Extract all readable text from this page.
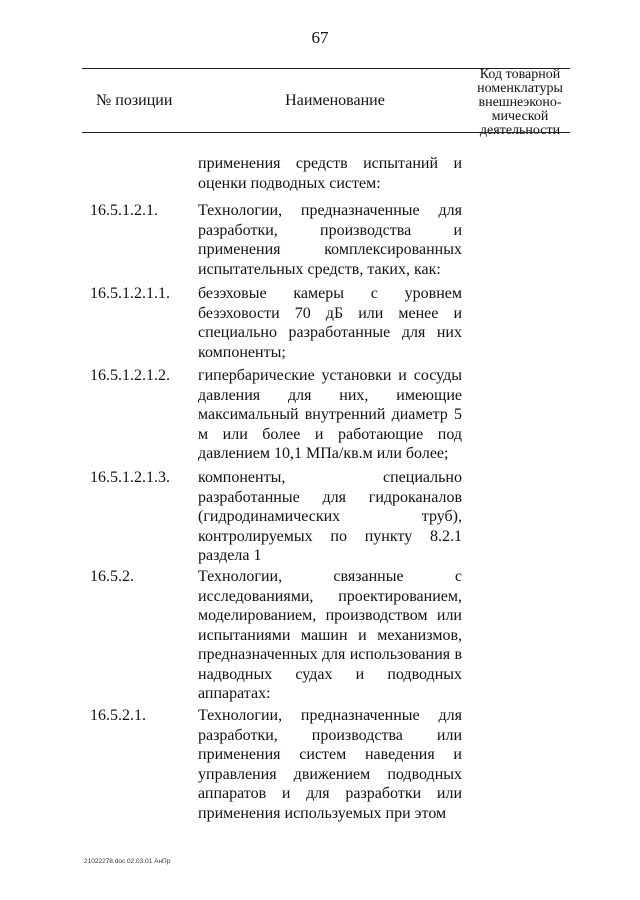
67
№ позиции	Наименование
Код товарной
номенклатуры
внешнеэконо-
мической
деятельности
применения средств испытаний и оценки подводных систем:
16.5.1.2.1.	Технологии, предназначенные для разработки, производства и применения комплексированных испытательных средств, таких, как:
16.5.1.2.1.1. безэховые камеры с уровнем безэховости 70 дБ или менее и специально разработанные для них компоненты;
16.5.1.2.1.2. гипербарические установки и сосуды давления для них, имеющие максимальный внутренний диаметр 5 м или более и работающие под давлением 10,1 МПа/кв.м или более;
16.5.1.2.1.3. компоненты, специально разработанные для гидроканалов (гидродинамических труб), контролируемых по пункту 8.2.1 раздела 1
16.5.2.	Технологии, связанные с исследованиями, проектированием, моделированием, производством или испытаниями машин и механизмов, предназначенных для использования в надводных судах и подводных аппаратах:
16.5.2.1.	Технологии, предназначенные для разработки, производства или применения систем наведения и управления движением подводных аппаратов и для разработки или применения используемых при этом
21022278.doc 02.03.01 АнПр
